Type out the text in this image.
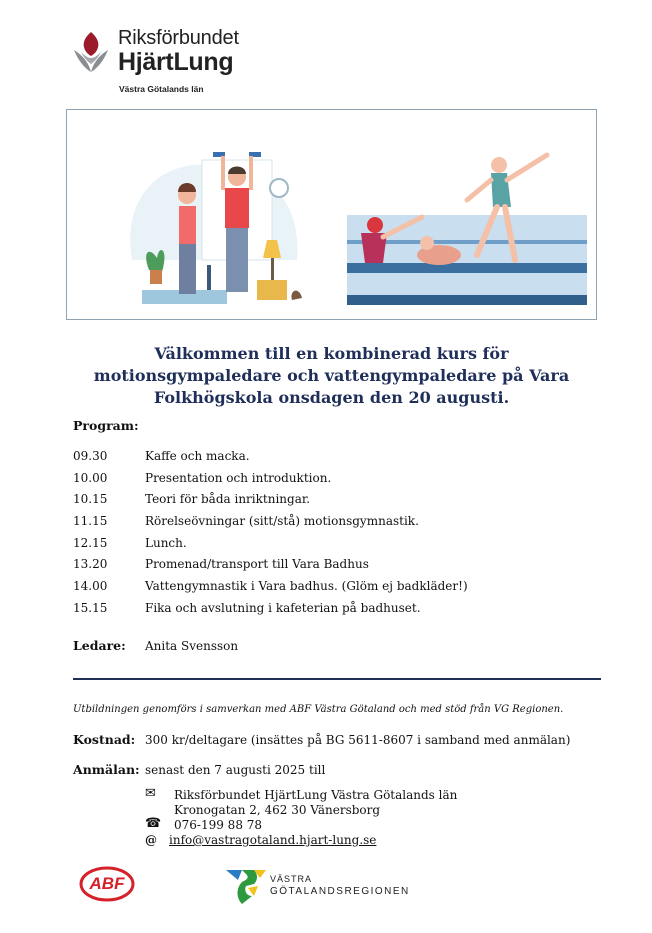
Riksförbundet
HjärtLung
Västra Götalands län
Välkommen till en kombinerad kurs för
motionsgympaledare och vattengympaledare på Vara
Folkhögskola onsdagen den 20 augusti.
Program:
09.30	Kaffe och macka.
10.00	Presentation och introduktion.
10.15	Teori för båda inriktningar.
11.15	Rörelseövningar (sitt/stå) motionsgymnastik.
12.15	Lunch.
13.20	Promenad/transport till Vara Badhus
14.00	Vattengymnastik i Vara badhus. (Glöm ej badkläder!)
15.15	Fika och avslutning i kafeterian på badhuset.
Ledare: Anita Svensson
Utbildningen genomförs i samverkan med ABF Västra Götaland och med stöd från VG Regionen.
Kostnad: 300 kr/deltagare (insättes på BG 5611-8607 i samband med anmälan)
Anmälan: senast den 7 augusti 2025 till
✉ Riksförbundet HjärtLung Västra Götalands län
Kronogatan 2, 462 30 Vänersborg
☎ 076-199 88 78
@ info@vastragotaland.hjart-lung.se
ABF	VÄSTRA
GÖTALANDSREGIONEN
